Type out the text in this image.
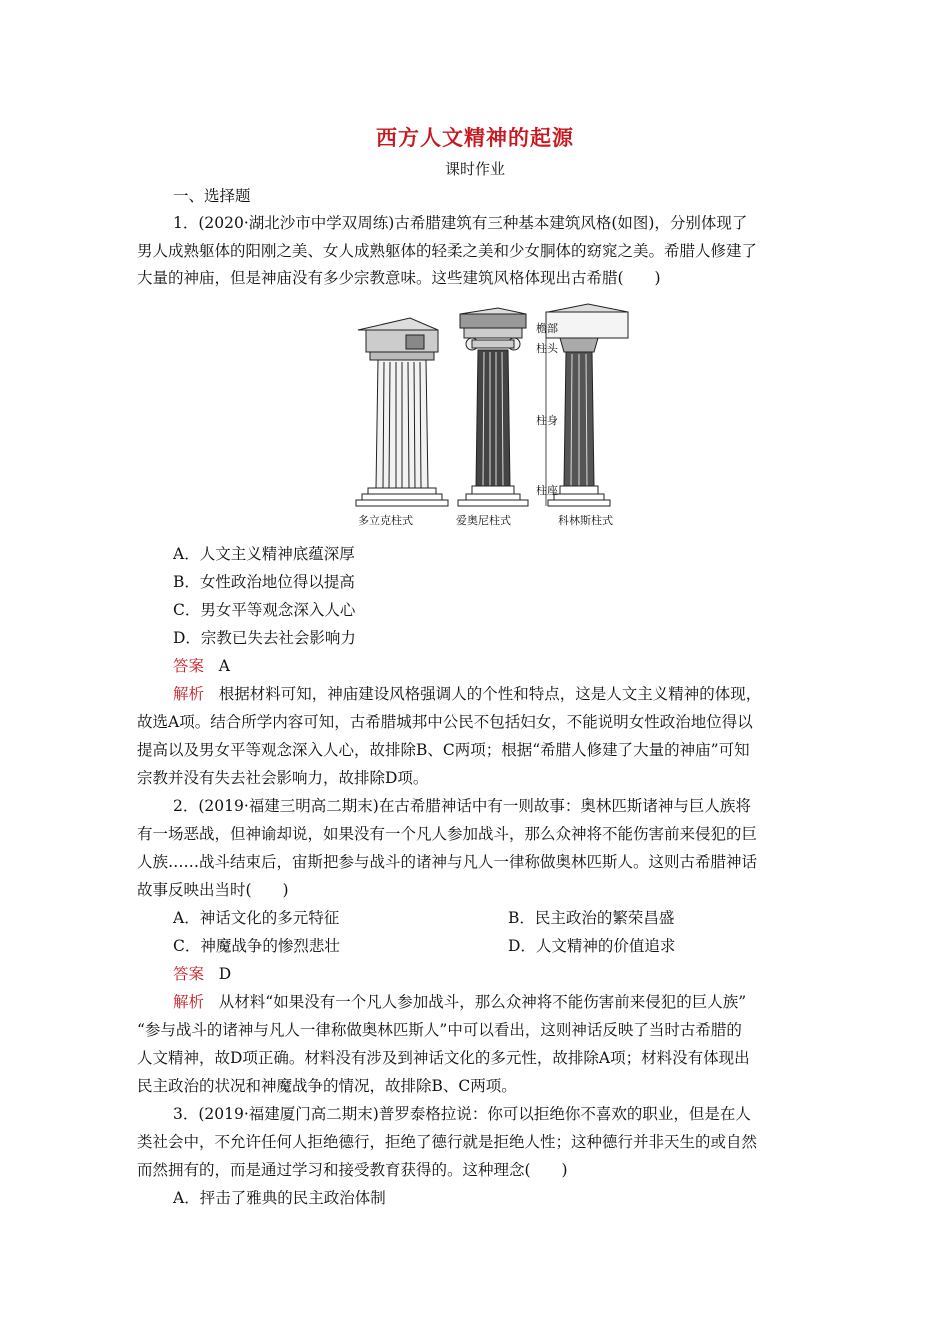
西方人文精神的起源
课时作业
一、选择题
1．(2020·湖北沙市中学双周练)古希腊建筑有三种基本建筑风格(如图)，分别体现了
男人成熟躯体的阳刚之美、女人成熟躯体的轻柔之美和少女胴体的窈窕之美。希腊人修建了
大量的神庙，但是神庙没有多少宗教意味。这些建筑风格体现出古希腊(　　)
檐部
柱头
柱身
柱座
多立克柱式	爱奥尼柱式	科林斯柱式
A．人文主义精神底蕴深厚
B．女性政治地位得以提高
C．男女平等观念深入人心
D．宗教已失去社会影响力
答案 A
解析 根据材料可知，神庙建设风格强调人的个性和特点，这是人文主义精神的体现，
故选A项。结合所学内容可知，古希腊城邦中公民不包括妇女，不能说明女性政治地位得以
提高以及男女平等观念深入人心，故排除B、C两项；根据“希腊人修建了大量的神庙”可知
宗教并没有失去社会影响力，故排除D项。
2．(2019·福建三明高二期末)在古希腊神话中有一则故事：奥林匹斯诸神与巨人族将
有一场恶战，但神谕却说，如果没有一个凡人参加战斗，那么众神将不能伤害前来侵犯的巨
人族……战斗结束后，宙斯把参与战斗的诸神与凡人一律称做奥林匹斯人。这则古希腊神话
故事反映出当时(　　)
A．神话文化的多元特征	B．民主政治的繁荣昌盛
C．神魔战争的惨烈悲壮	D．人文精神的价值追求
答案 D
解析 从材料“如果没有一个凡人参加战斗，那么众神将不能伤害前来侵犯的巨人族”
“参与战斗的诸神与凡人一律称做奥林匹斯人”中可以看出，这则神话反映了当时古希腊的
人文精神，故D项正确。材料没有涉及到神话文化的多元性，故排除A项；材料没有体现出
民主政治的状况和神魔战争的情况，故排除B、C两项。
3．(2019·福建厦门高二期末)普罗泰格拉说：你可以拒绝你不喜欢的职业，但是在人
类社会中，不允许任何人拒绝德行，拒绝了德行就是拒绝人性；这种德行并非天生的或自然
而然拥有的，而是通过学习和接受教育获得的。这种理念(　　)
A．抨击了雅典的民主政治体制
